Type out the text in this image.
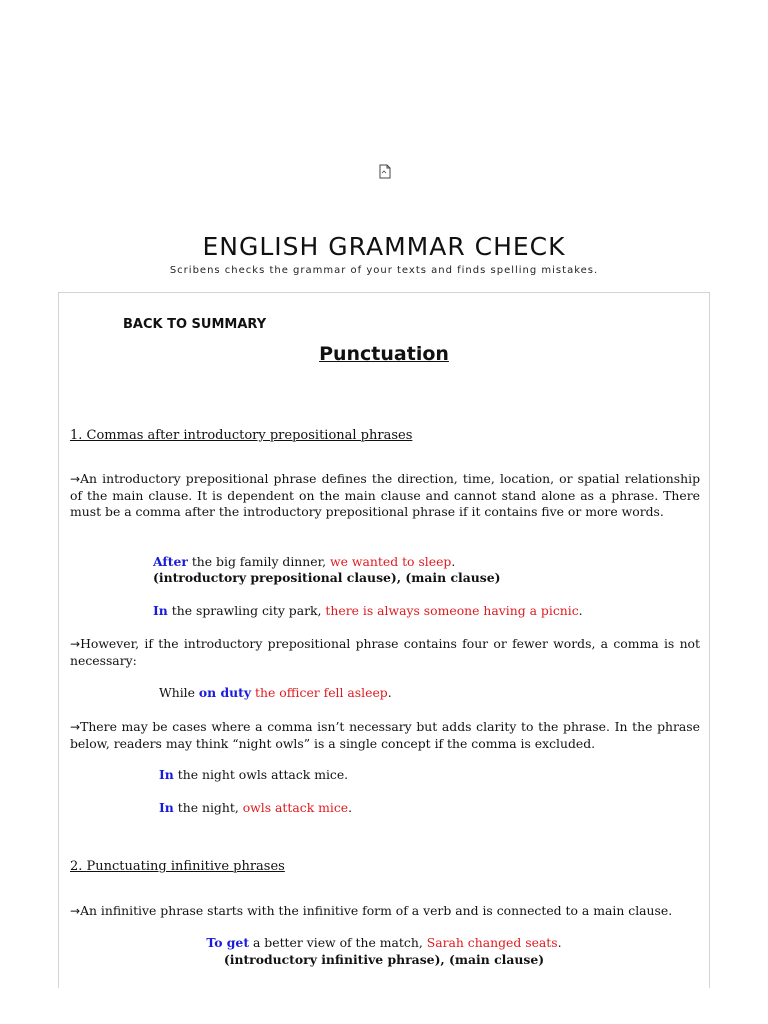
ENGLISH GRAMMAR CHECK
Scribens checks the grammar of your texts and finds spelling mistakes.
BACK TO SUMMARY
Punctuation
1. Commas after introductory prepositional phrases

→An introductory prepositional phrase defines the direction, time, location, or spatial relationship of the main clause. It is dependent on the main clause and cannot stand alone as a phrase. There must be a comma after the introductory prepositional phrase if it contains five or more words.

After the big family dinner, we wanted to sleep.
(introductory prepositional clause), (main clause)
In the sprawling city park, there is always someone having a picnic.

→However, if the introductory prepositional phrase contains four or fewer words, a comma is not necessary:

While on duty the officer fell asleep.

→There may be cases where a comma isn’t necessary but adds clarity to the phrase. In the phrase below, readers may think “night owls” is a single concept if the comma is excluded.

In the night owls attack mice.
In the night, owls attack mice.
2. Punctuating infinitive phrases

→An infinitive phrase starts with the infinitive form of a verb and is connected to a main clause.

To get a better view of the match, Sarah changed seats.
(introductory infinitive phrase), (main clause)
